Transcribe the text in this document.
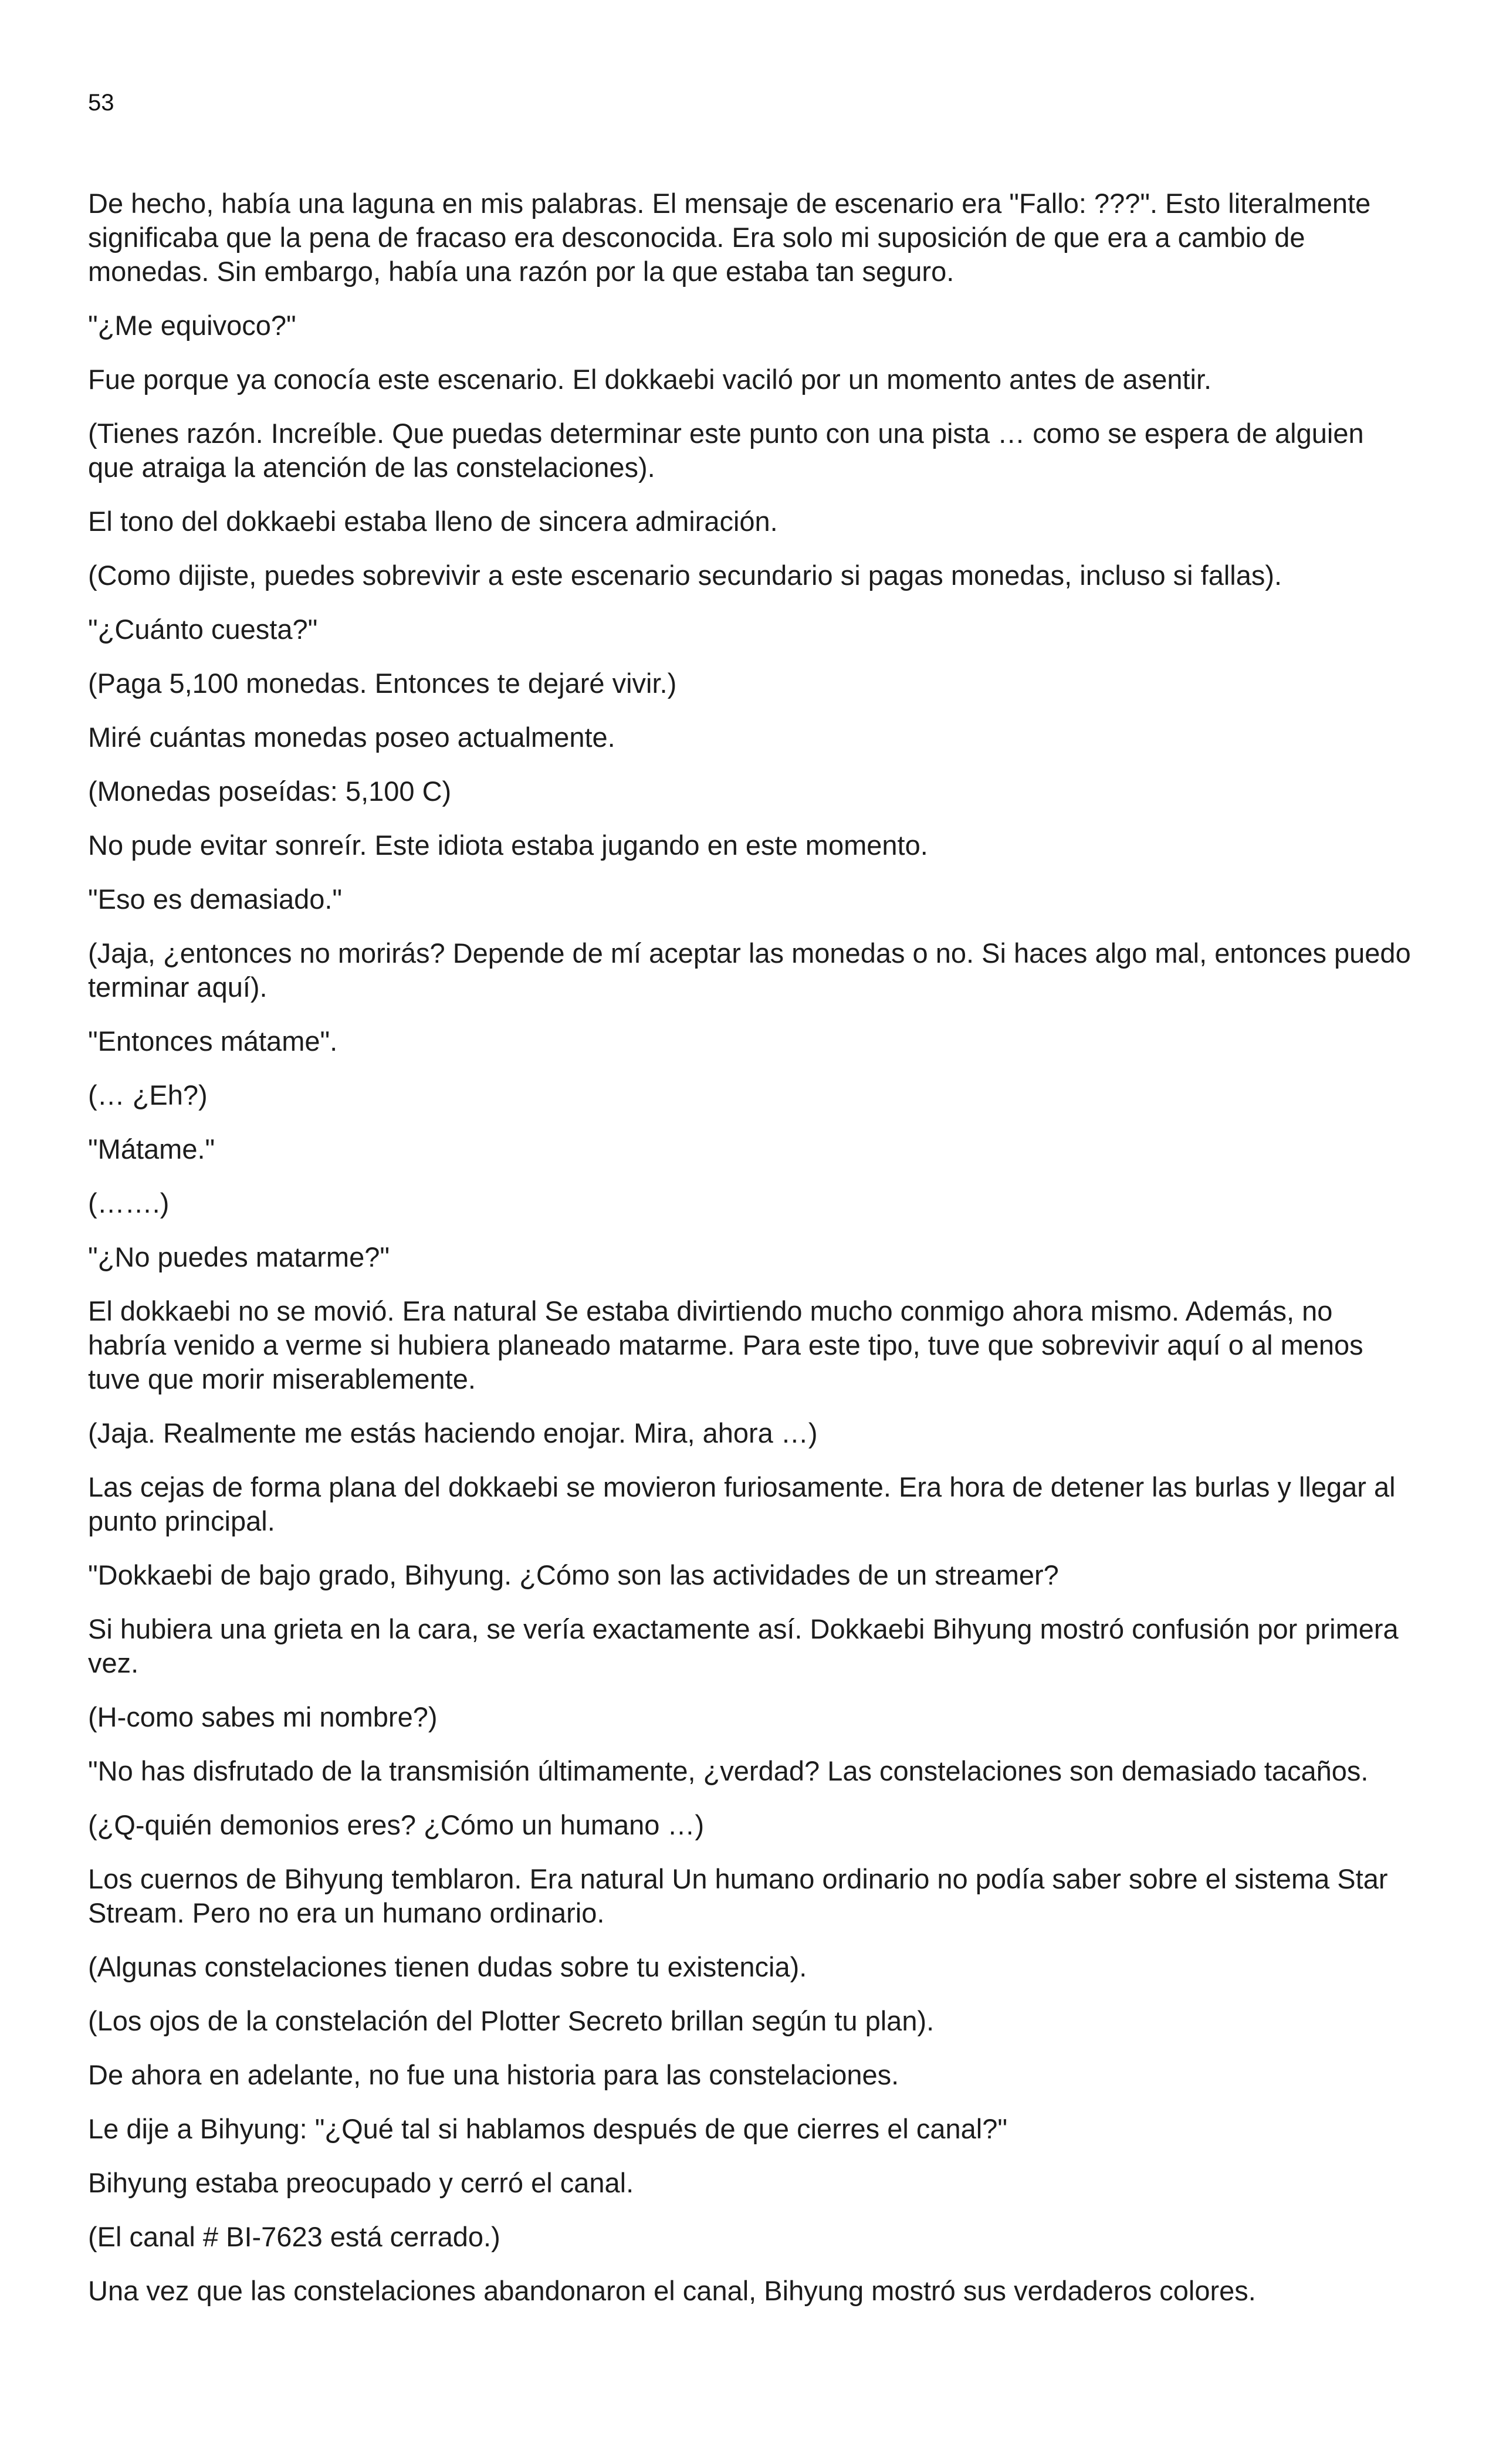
53

De hecho, había una laguna en mis palabras. El mensaje de escenario era "Fallo: ???". Esto literalmente significaba que la pena de fracaso era desconocida. Era solo mi suposición de que era a cambio de monedas. Sin embargo, había una razón por la que estaba tan seguro.

"¿Me equivoco?"

Fue porque ya conocía este escenario. El dokkaebi vaciló por un momento antes de asentir.

(Tienes razón. Increíble. Que puedas determinar este punto con una pista … como se espera de alguien que atraiga la atención de las constelaciones).

El tono del dokkaebi estaba lleno de sincera admiración.

(Como dijiste, puedes sobrevivir a este escenario secundario si pagas monedas, incluso si fallas).

"¿Cuánto cuesta?"

(Paga 5,100 monedas. Entonces te dejaré vivir.)

Miré cuántas monedas poseo actualmente.

(Monedas poseídas: 5,100 C)

No pude evitar sonreír. Este idiota estaba jugando en este momento.

"Eso es demasiado."

(Jaja, ¿entonces no morirás? Depende de mí aceptar las monedas o no. Si haces algo mal, entonces puedo terminar aquí).

"Entonces mátame".

(… ¿Eh?)

"Mátame."

(…….)

"¿No puedes matarme?"

El dokkaebi no se movió. Era natural Se estaba divirtiendo mucho conmigo ahora mismo. Además, no habría venido a verme si hubiera planeado matarme. Para este tipo, tuve que sobrevivir aquí o al menos tuve que morir miserablemente.

(Jaja. Realmente me estás haciendo enojar. Mira, ahora …)

Las cejas de forma plana del dokkaebi se movieron furiosamente. Era hora de detener las burlas y llegar al punto principal.

"Dokkaebi de bajo grado, Bihyung. ¿Cómo son las actividades de un streamer?

Si hubiera una grieta en la cara, se vería exactamente así. Dokkaebi Bihyung mostró confusión por primera vez.

(H-como sabes mi nombre?)

"No has disfrutado de la transmisión últimamente, ¿verdad? Las constelaciones son demasiado tacaños.

(¿Q-quién demonios eres? ¿Cómo un humano …)

Los cuernos de Bihyung temblaron. Era natural Un humano ordinario no podía saber sobre el sistema Star Stream. Pero no era un humano ordinario.

(Algunas constelaciones tienen dudas sobre tu existencia).

(Los ojos de la constelación del Plotter Secreto brillan según tu plan).

De ahora en adelante, no fue una historia para las constelaciones.

Le dije a Bihyung: "¿Qué tal si hablamos después de que cierres el canal?"

Bihyung estaba preocupado y cerró el canal.

(El canal # BI-7623 está cerrado.)

Una vez que las constelaciones abandonaron el canal, Bihyung mostró sus verdaderos colores.
